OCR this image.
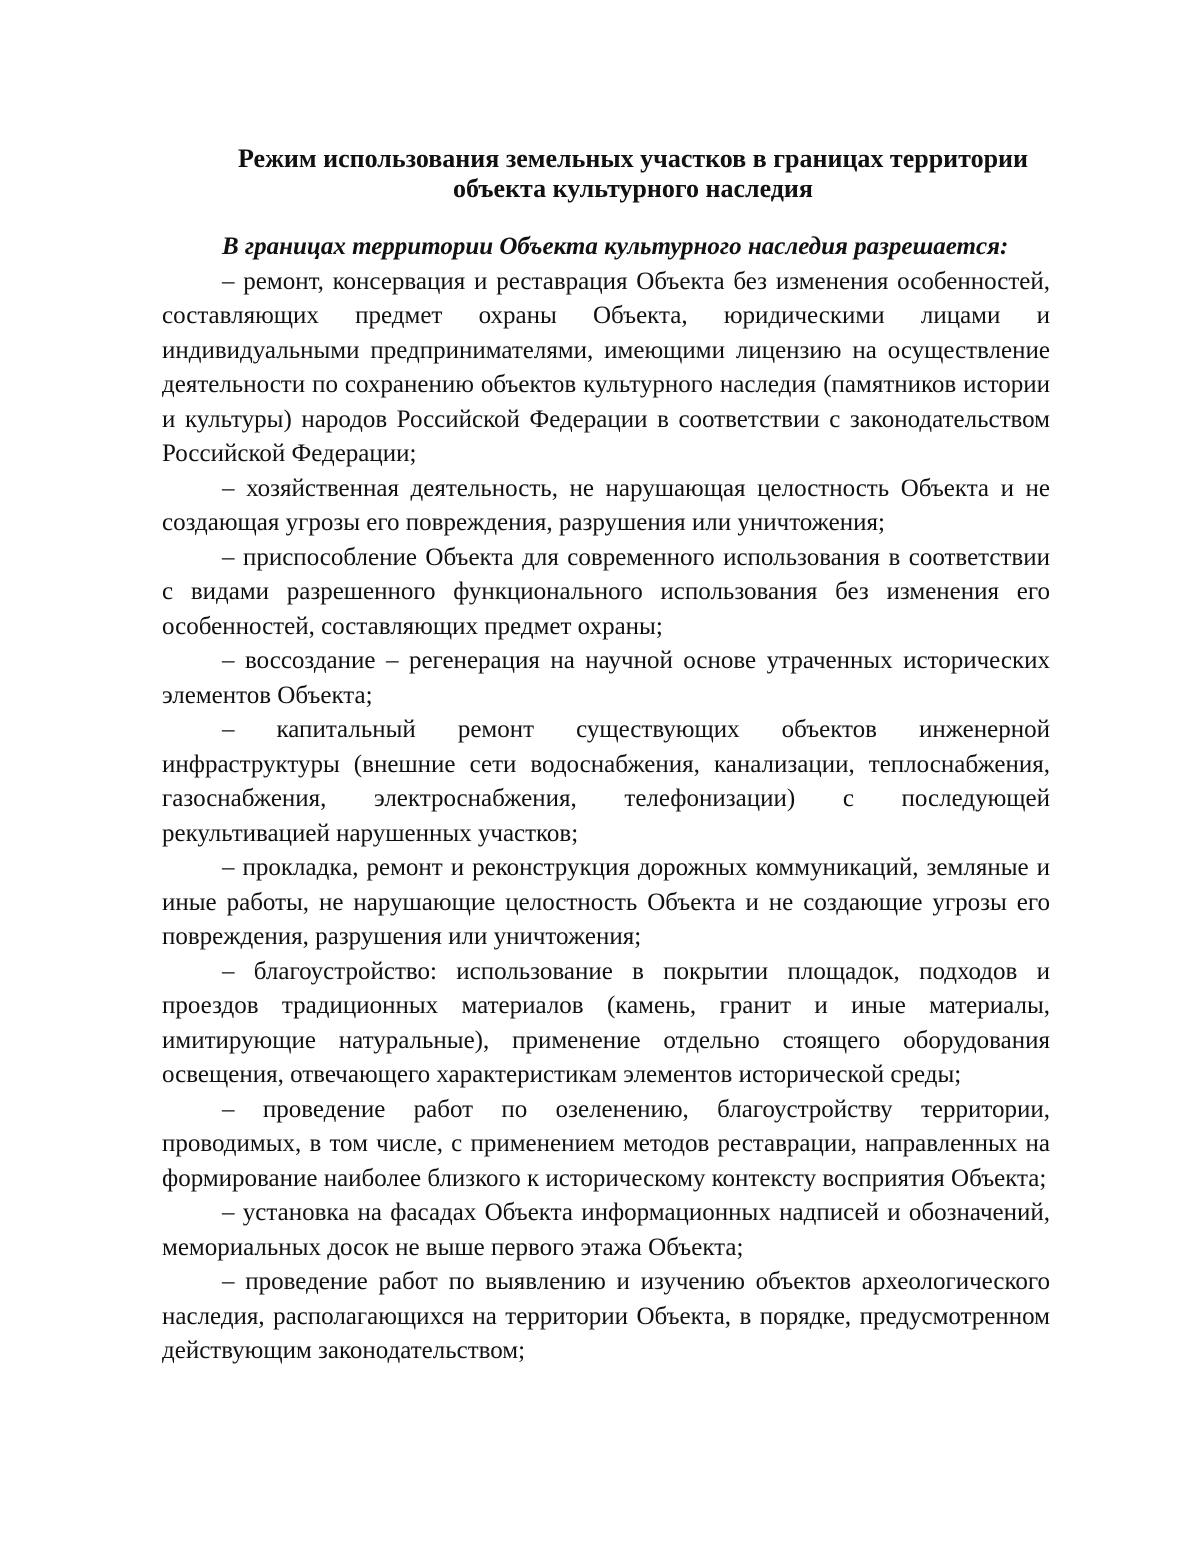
Режим использования земельных участков в границах территории
объекта культурного наследия

В границах территории Объекта культурного наследия разрешается:

– ремонт, консервация и реставрация Объекта без изменения особенностей, составляющих предмет охраны Объекта, юридическими лицами и индивидуальными предпринимателями, имеющими лицензию на осуществление деятельности по сохранению объектов культурного наследия (памятников истории и культуры) народов Российской Федерации в соответствии с законодательством Российской Федерации;

– хозяйственная деятельность, не нарушающая целостность Объекта и не создающая угрозы его повреждения, разрушения или уничтожения;

– приспособление Объекта для современного использования в соответствии с видами разрешенного функционального использования без изменения его особенностей, составляющих предмет охраны;

– воссоздание – регенерация на научной основе утраченных исторических элементов Объекта;

– капитальный ремонт существующих объектов инженерной инфраструктуры (внешние сети водоснабжения, канализации, теплоснабжения, газоснабжения, электроснабжения, телефонизации) с последующей рекультивацией нарушенных участков;

– прокладка, ремонт и реконструкция дорожных коммуникаций, земляные и иные работы, не нарушающие целостность Объекта и не создающие угрозы его повреждения, разрушения или уничтожения;

– благоустройство: использование в покрытии площадок, подходов и проездов традиционных материалов (камень, гранит и иные материалы, имитирующие натуральные), применение отдельно стоящего оборудования освещения, отвечающего характеристикам элементов исторической среды;

– проведение работ по озеленению, благоустройству территории, проводимых, в том числе, с применением методов реставрации, направленных на формирование наиболее близкого к историческому контексту восприятия Объекта;

– установка на фасадах Объекта информационных надписей и обозначений, мемориальных досок не выше первого этажа Объекта;

– проведение работ по выявлению и изучению объектов археологического наследия, располагающихся на территории Объекта, в порядке, предусмотренном действующим законодательством;
